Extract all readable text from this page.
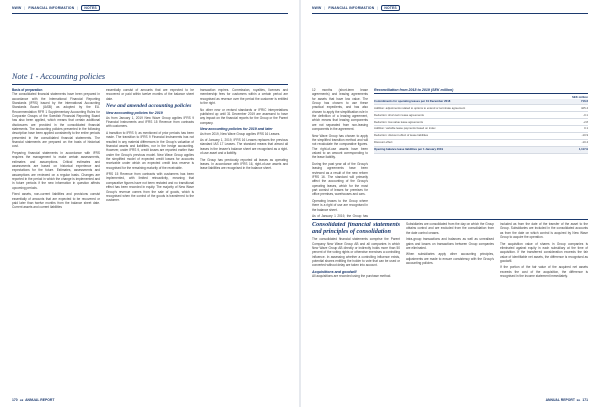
NWW | FINANCIAL INFORMATION |	NOTES
Note 1 - Accounting policies
Basis of preparation

The consolidated financial statements have been prepared in accordance with the International Financial Reporting Standards (IFRS) issued by the International Accounting Standards Board (IASB) as adopted by the EU. Recommendation RFR 1 Supplementary Accounting Rules for Corporate Groups of the Swedish Financial Reporting Board has also been applied, which means that certain additional disclosures are provided in the consolidated financial statements. The accounting policies presented in the following description have been applied consistently to the entire periods presented in the consolidated financial statements. The financial statements are prepared on the basis of historical cost.

Preparing financial statements in accordance with IFRS requires the management to make certain assessments, estimates and assumptions. Critical estimates and assessments are based on historical experience and expectations for the future. Estimates, assessments and assumptions are reviewed on a regular basis. Changes are reported in the period in which the change is implemented and in future periods if the new information in question affects upcoming periods.

Fixed assets, non-current liabilities and provisions consist essentially of amounts that are expected to be recovered or paid later than twelve months from the balance sheet date. Current assets and current liabilities

essentially consist of amounts that are expected to be recovered or paid within twelve months of the balance sheet date.

New and amended accounting policies
New accounting policies for 2019

As from January 1, 2019 New Wave Group applies IFRS 9 Financial Instruments and IFRS 15 Revenue from contracts with customers.

A transition to IFRS 9, as mentioned of prior periods has been made. The transition to IFRS 9 Financial Instruments has not resulted in any material differences in the Group's valuation of financial assets and liabilities, nor in the hedge accounting. However, under IFRS 9, credit losses are reported earlier than under the Group's previous model. New Wave Group applies the simplified model of expected credit losses for accounts receivable under which an expected credit loss reserve is recognised for the remaining maturity of the receivable.

IFRS 15 Revenue from contracts with customers has been implemented, with limited retroactivity, meaning that comparative figures have not been restated and no transitional effect has been recorded in equity. The majority of New Wave Group's revenue comes from the sale of goods, which is recognised when the control of the goods is transferred to the customer.

transaction expires. Commission, royalties, licenses and membership fees for customers within a certain period are recognised as revenue over the period the customer is entitled to the right.

No other new or revised standards or IFRIC interpretations published up until 31 December 2019 are assessed to have any impact on the financial reports for the Group or the Parent company.

New accounting policies for 2019 and later

As from 2019, New Wave Group applies IFRS 16 Leases.

As of January 1, 2019, IFRS 16 Leases replaces the previous standard IAS 17 Leases. The standard means that almost all leases in the lessee's balance sheet are recognised as a right-of-use asset and a liability.

The Group has previously reported all leases as operating leases. In accordance with IFRS 16, right-of-use assets and lease liabilities are recognised in the balance sheet.

170 ◂◂ ANNUAL REPORT
NWW | FINANCIAL INFORMATION |	NOTES

12 months (short-term lease agreements) and leasing agreements for assets that have low value. The Group has chosen to use these practical expedients, and has also chosen to apply the simplification rule in the definition of a leasing agreement, which means that leasing components are not separated from non-leasing components in the agreement.

New Wave Group has chosen to apply the simplified transition method and will not recalculate the comparative figures. The right-of-use assets have been valued to an amount corresponding to the lease liability.

During the past year all of the Group's leasing agreements have been reviewed as a result of the new reform IFRS 16. The standard will primarily affect the accounting of the Group's operating leases, which for the most part consist of leases for premises for office premises, warehouses and cars.

Operating leases to the Group where there is a right of use are recognised in the balance sheet.

As of January 1 2019, the Group has

Reconciliation from 2018 to 2019 (SEK million)
SEK million
Commitments for operating leases per 31 December 2018	716.6
Addition: adjustments related to options to extend or terminate agreement	425.4
Deduction: short-term lease agreements	-0.1
Deduction: low-value lease agreements	-2.8
Addition: variable lease payments based on index	0.1
Deduction: discount effect of lease liabilities	-10.9
Discount effect	-10.4
Opening balance lease liabilities per 1 January 2019	1,117.9
Consolidated financial statements and principles of consolidation

The consolidated financial statements comprise the Parent Company New Wave Group AB and all companies in which New Wave Group AB directly or indirectly holds more than 50 percent of the voting rights or otherwise exercises a controlling influence. In assessing whether a controlling influence exists, potential shares entitling the holder to vote that can be used or converted without delay are taken into account.

Acquisitions and goodwill

All acquisitions are recorded using the purchase method.

Subsidiaries are consolidated from the day on which the Group obtains control and are excluded from the consolidation from the date control ceases.

Intra-group transactions and balances as well as unrealised gains and losses on transactions between Group companies are eliminated.

When subsidiaries apply other accounting principles, adjustments are made to ensure consistency with the Group's accounting policies.

included as from the date of the transfer of the asset to the Group. Subsidiaries are included in the consolidated accounts as from the date on which control is acquired by New Wave Group to acquire the operation.

The acquisition value of shares in Group companies is eliminated against equity in each subsidiary at the time of acquisition. If the transferred consideration exceeds the fair value of identifiable net assets, the difference is recognised as goodwill.

If the portion of the fair value of the acquired net assets exceeds the cost of the acquisition, the difference is recognised in the income statement immediately.

ANNUAL REPORT ▸▸ 171
